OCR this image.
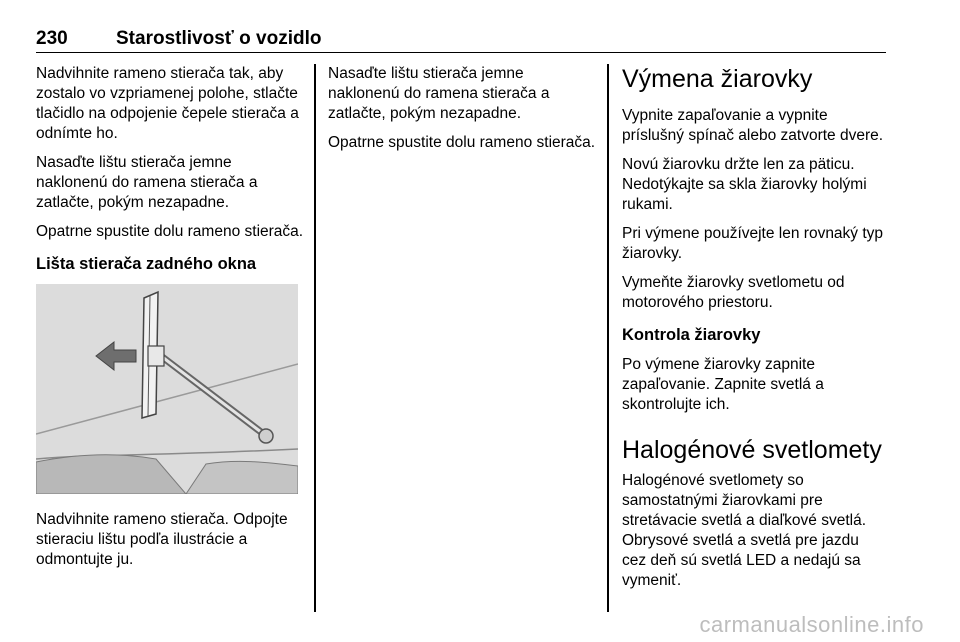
230	Starostlivosť o vozidlo

Nadvihnite rameno stierača tak, aby zostalo vo vzpriamenej polohe, stlačte tlačidlo na odpojenie čepele stierača a odnímte ho.

Nasaďte lištu stierača jemne naklonenú do ramena stierača a zatlačte, pokým nezapadne.

Opatrne spustite dolu rameno stierača.

Lišta stierača zadného okna

Nadvihnite rameno stierača. Odpojte stieraciu lištu podľa ilustrácie a odmontujte ju.

Nasaďte lištu stierača jemne naklonenú do ramena stierača a zatlačte, pokým nezapadne.

Opatrne spustite dolu rameno stierača.

Výmena žiarovky

Vypnite zapaľovanie a vypnite príslušný spínač alebo zatvorte dvere.

Novú žiarovku držte len za päticu. Nedotýkajte sa skla žiarovky holými rukami.

Pri výmene používejte len rovnaký typ žiarovky.

Vymeňte žiarovky svetlometu od motorového priestoru.

Kontrola žiarovky

Po výmene žiarovky zapnite zapaľovanie. Zapnite svetlá a skontrolujte ich.

Halogénové svetlomety

Halogénové svetlomety so samostatnými žiarovkami pre stretávacie svetlá a diaľkové svetlá. Obrysové svetlá a svetlá pre jazdu cez deň sú svetlá LED a nedajú sa vymeniť.

carmanualsonline.info
